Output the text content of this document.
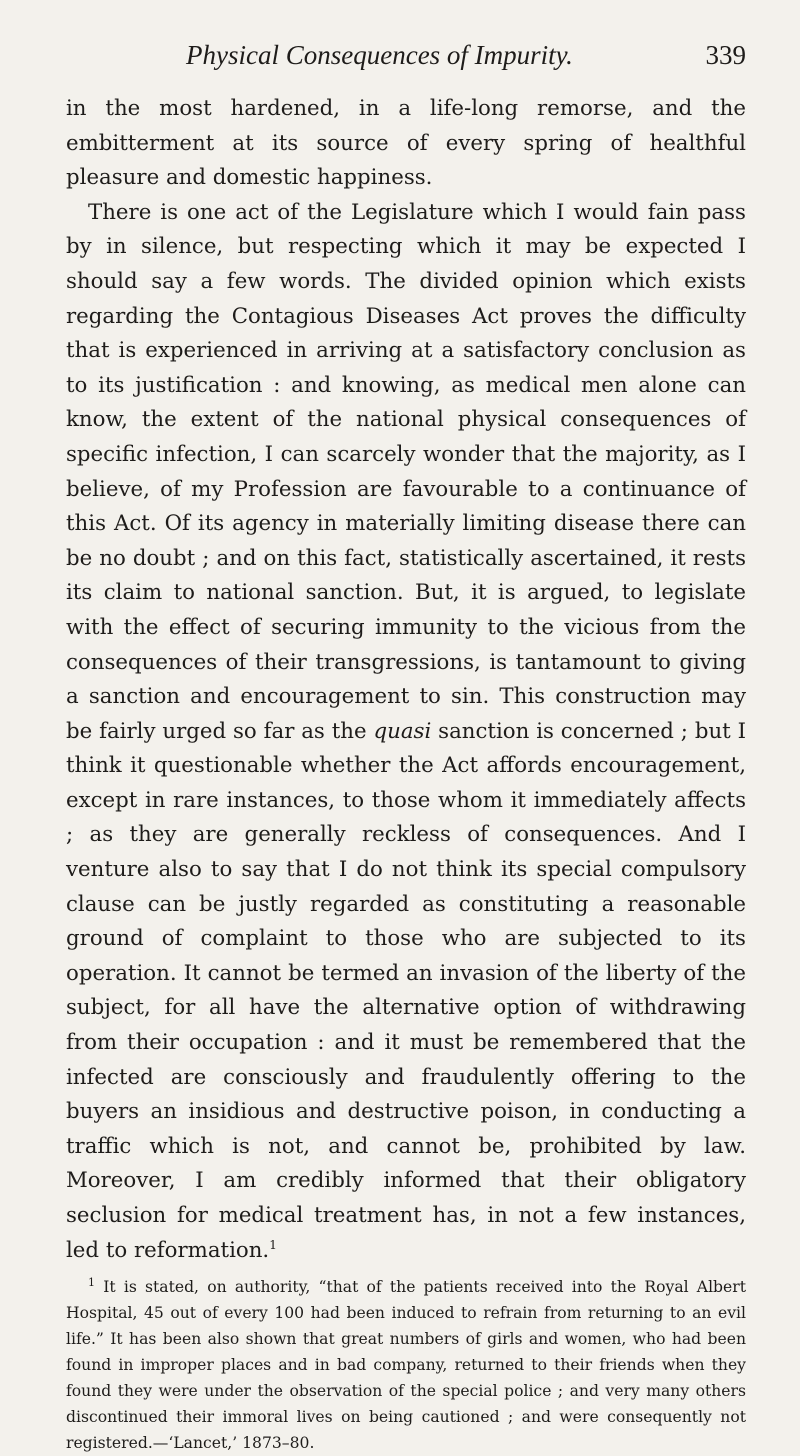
Physical Consequences of Impurity.	339

in the most hardened, in a life-long remorse, and the embitterment at its source of every spring of healthful pleasure and domestic happiness.

There is one act of the Legislature which I would fain pass by in silence, but respecting which it may be expected I should say a few words. The divided opinion which exists regarding the Contagious Diseases Act proves the difficulty that is experienced in arriving at a satisfactory conclusion as to its justification : and knowing, as medical men alone can know, the extent of the national physical consequences of specific infection, I can scarcely wonder that the majority, as I believe, of my Profession are favourable to a continuance of this Act. Of its agency in materially limiting disease there can be no doubt ; and on this fact, statistically ascertained, it rests its claim to national sanction. But, it is argued, to legislate with the effect of securing immunity to the vicious from the consequences of their transgressions, is tantamount to giving a sanction and encouragement to sin. This construction may be fairly urged so far as the quasi sanction is concerned ; but I think it questionable whether the Act affords encouragement, except in rare instances, to those whom it immediately affects ; as they are generally reckless of consequences. And I venture also to say that I do not think its special compulsory clause can be justly regarded as constituting a reasonable ground of complaint to those who are subjected to its operation. It cannot be termed an invasion of the liberty of the subject, for all have the alternative option of withdrawing from their occupation : and it must be remembered that the infected are consciously and fraudulently offering to the buyers an insidious and destructive poison, in conducting a traffic which is not, and cannot be, prohibited by law. Moreover, I am credibly informed that their obligatory seclusion for medical treatment has, in not a few instances, led to reformation.$^1$

$^1$ It is stated, on authority, “that of the patients received into the Royal Albert Hospital, 45 out of every 100 had been induced to refrain from returning to an evil life.” It has been also shown that great numbers of girls and women, who had been found in improper places and in bad company, returned to their friends when they found they were under the observation of the special police ; and very many others discontinued their immoral lives on being cautioned ; and were consequently not registered.—‘Lancet,’ 1873–80.
